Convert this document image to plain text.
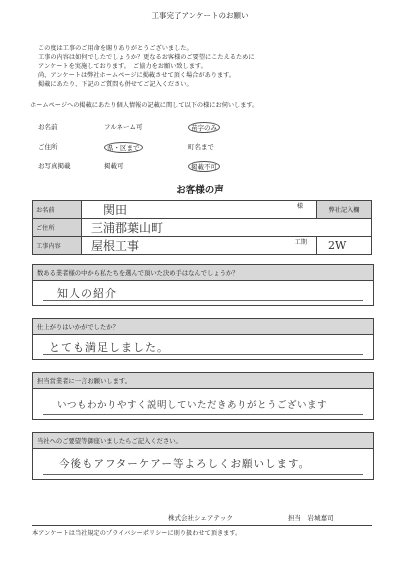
工事完了アンケートのお願い
この度は工事のご用命を賜りありがとうございました。
工事の内容は如何でしたでしょうか？更なるお客様のご要望にこたえるために
アンケートを実施しております。　ご協力をお願い致します。
尚、アンケートは弊社ホームページに掲載させて頂く場合があります。
掲載にあたり、下記のご質問も併せてご記入ください。
ホームページへの掲載にあたり個人情報の記載に関して以下の様にお伺いします。
お名前	フルネーム可	苗字のみ
ご住所	県・区まで	町名まで
お写真掲載	掲載可	掲載不可
お客様の声
お名前	関田 様	弊社記入欄
ご住所	三浦郡葉山町	
工事内容	屋根工事 工期	2W
数ある業者様の中から私たちを選んで頂いた決め手はなんでしょうか？
知人の紹介
仕上がりはいかがでしたか？
とても満足しました。
担当営業者に一言お願いします。
いつもわかりやすく説明していただきありがとうございます
当社へのご要望等御座いましたらご記入ください。
今後もアフターケアー等よろしくお願いします。
株式会社シェアテック	担当　岩城嘉司
本アンケートは当社規定のプライバシーポリシーに則り扱わせて頂きます。
